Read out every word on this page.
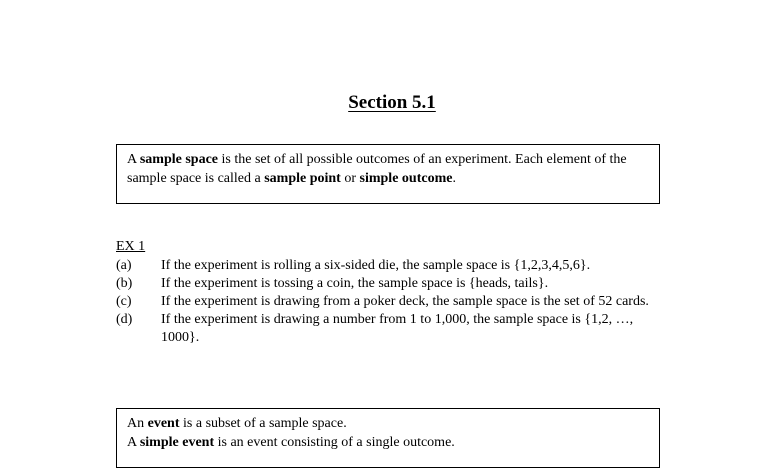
Section 5.1

A sample space is the set of all possible outcomes of an experiment. Each element of the sample space is called a sample point or simple outcome.

EX 1
(a)	If the experiment is rolling a six-sided die, the sample space is {1,2,3,4,5,6}.
(b)	If the experiment is tossing a coin, the sample space is {heads, tails}.
(c)	If the experiment is drawing from a poker deck, the sample space is the set of 52 cards.
(d)	If the experiment is drawing a number from 1 to 1,000, the sample space is {1,2, …, 1000}.

An event is a subset of a sample space.

A simple event is an event consisting of a single outcome.
